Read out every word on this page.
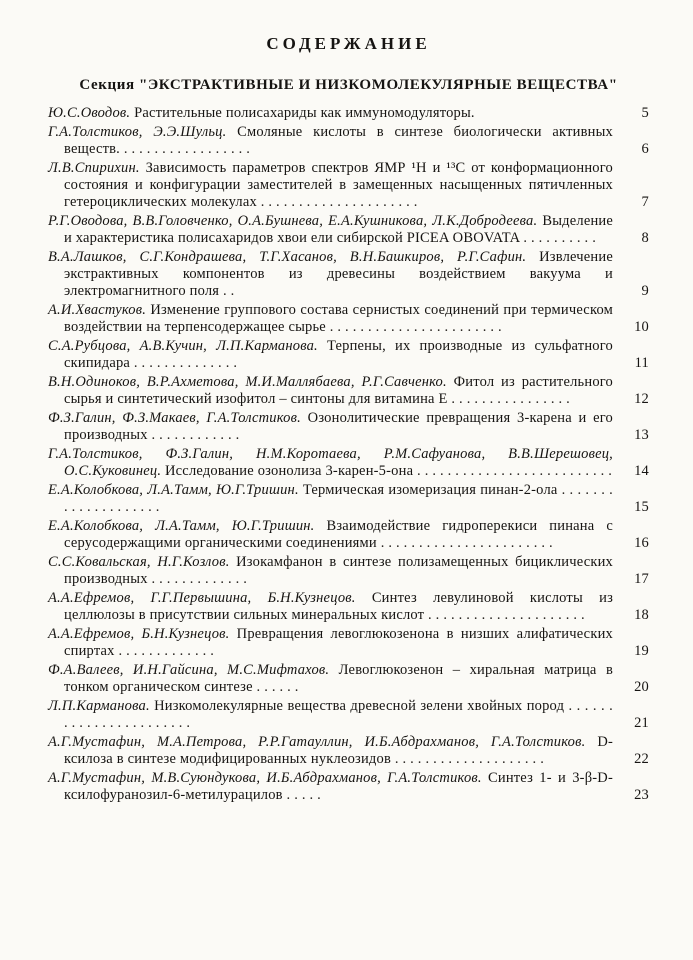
СОДЕРЖАНИЕ
Секция "ЭКСТРАКТИВНЫЕ И НИЗКОМОЛЕКУЛЯРНЫЕ ВЕЩЕСТВА"
Ю.С.Оводов. Растительные полисахариды как иммуномодуляторы.	5
Г.А.Толстиков, Э.Э.Шульц. Смоляные кислоты в синтезе биологически активных веществ. . . . . . . . . . . . . . . . . .	6
Л.В.Спирихин. Зависимость параметров спектров ЯМР ¹Н и ¹³С от конформационного состояния и конфигурации заместителей в замещенных насыщенных пятичленных гетероциклических молекулах . . . . . . . . . . . . . . . . . . . . .	7
Р.Г.Оводова, В.В.Головченко, О.А.Бушнева, Е.А.Кушникова, Л.К.Добродеева. Выделение и характеристика полисахаридов хвои ели сибирской PICEA OBOVATA . . . . . . . . . .	8
В.А.Лашков, С.Г.Кондрашева, Т.Г.Хасанов, В.Н.Башкиров, Р.Г.Сафин. Извлечение экстрактивных компонентов из древесины воздействием вакуума и электромагнитного поля . .	9
А.И.Хвастуков. Изменение группового состава сернистых соединений при термическом воздействии на терпенсодержащее сырье . . . . . . . . . . . . . . . . . . . . . . .	10
С.А.Рубцова, А.В.Кучин, Л.П.Карманова. Терпены, их производные из сульфатного скипидара . . . . . . . . . . . . . .	11
В.Н.Одиноков, В.Р.Ахметова, М.И.Маллябаева, Р.Г.Савченко. Фитол из растительного сырья и синтетический изофитол – синтоны для витамина Е . . . . . . . . . . . . . . . .	12
Ф.З.Галин, Ф.З.Макаев, Г.А.Толстиков. Озонолитические превращения 3-карена и его производных . . . . . . . . . . . .	13
Г.А.Толстиков, Ф.З.Галин, Н.М.Коротаева, Р.М.Сафуанова, В.В.Шерешовец, О.С.Куковинец. Исследование озонолиза 3-карен-5-она . . . . . . . . . . . . . . . . . . . . . . . . . . 14
Е.А.Колобкова, Л.А.Тамм, Ю.Г.Тришин. Термическая изомеризация пинан-2-ола . . . . . . . . . . . . . . . . . . . .	15
Е.А.Колобкова, Л.А.Тамм, Ю.Г.Тришин. Взаимодействие гидроперекиси пинана с серусодержащими органическими соединениями . . . . . . . . . . . . . . . . . . . . . . .	16
С.С.Ковальская, Н.Г.Козлов. Изокамфанон в синтезе полизамещенных бициклических производных . . . . . . . . . . . . .	17
А.А.Ефремов, Г.Г.Первышина, Б.Н.Кузнецов. Синтез левулиновой кислоты из целлюлозы в присутствии сильных минеральных кислот . . . . . . . . . . . . . . . . . . . . .	18
А.А.Ефремов, Б.Н.Кузнецов. Превращения левоглюкозенона в низших алифатических спиртах . . . . . . . . . . . . .	19
Ф.А.Валеев, И.Н.Гайсина, М.С.Мифтахов. Левоглюкозенон – хиральная матрица в тонком органическом синтезе . . . . . .	20
Л.П.Карманова. Низкомолекулярные вещества древесной зелени хвойных пород . . . . . . . . . . . . . . . . . . . . . . .	21
А.Г.Мустафин, М.А.Петрова, Р.Р.Гатауллин, И.Б.Абдрахманов, Г.А.Толстиков. D-ксилоза в синтезе модифицированных нуклеозидов . . . . . . . . . . . . . . . . . . . .	22
А.Г.Мустафин, М.В.Суюндукова, И.Б.Абдрахманов, Г.А.Толстиков. Синтез 1- и 3-β-D-ксилофуранозил-6-метилурацилов . . . . .	23
